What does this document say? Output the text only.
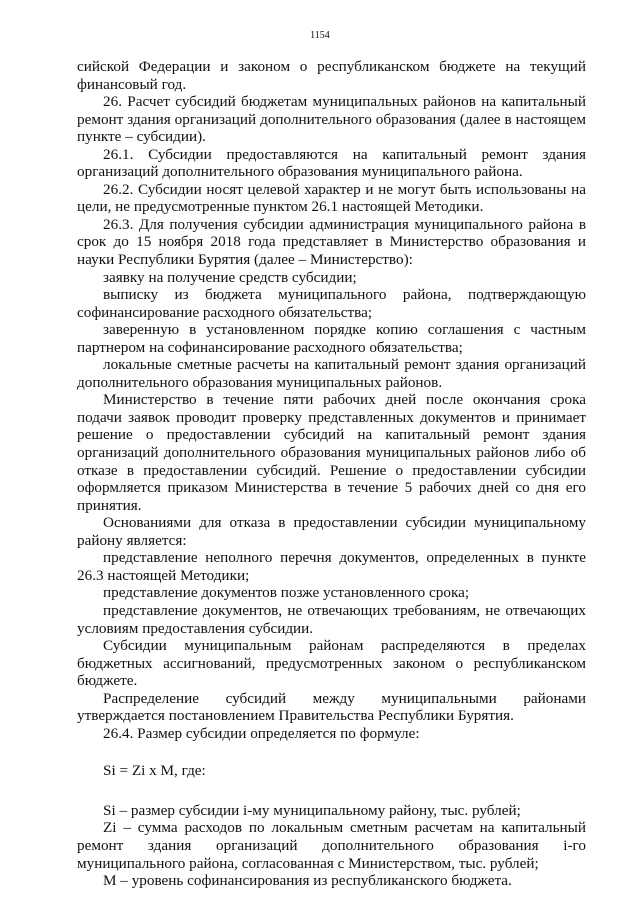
1154

сийской Федерации и законом о республиканском бюджете на текущий финансовый год.

26. Расчет субсидий бюджетам муниципальных районов на капитальный ремонт здания организаций дополнительного образования (далее в настоящем пункте – субсидии).

26.1. Субсидии предоставляются на капитальный ремонт здания организаций дополнительного образования муниципального района.

26.2. Субсидии носят целевой характер и не могут быть использованы на цели, не предусмотренные пунктом 26.1 настоящей Методики.

26.3. Для получения субсидии администрация муниципального района в срок до 15 ноября 2018 года представляет в Министерство образования и науки Республики Бурятия (далее – Министерство):

заявку на получение средств субсидии;

выписку из бюджета муниципального района, подтверждающую софинансирование расходного обязательства;

заверенную в установленном порядке копию соглашения с частным партнером на софинансирование расходного обязательства;

локальные сметные расчеты на капитальный ремонт здания организаций дополнительного образования муниципальных районов.

Министерство в течение пяти рабочих дней после окончания срока подачи заявок проводит проверку представленных документов и принимает решение о предоставлении субсидий на капитальный ремонт здания организаций дополнительного образования муниципальных районов либо об отказе в предоставлении субсидий. Решение о предоставлении субсидии оформляется приказом Министерства в течение 5 рабочих дней со дня его принятия.

Основаниями для отказа в предоставлении субсидии муниципальному району является:

представление неполного перечня документов, определенных в пункте 26.3 настоящей Методики;

представление документов позже установленного срока;

представление документов, не отвечающих требованиям, не отвечающих условиям предоставления субсидии.

Субсидии муниципальным районам распределяются в пределах бюджетных ассигнований, предусмотренных законом о республиканском бюджете.

Распределение субсидий между муниципальными районами утверждается постановлением Правительства Республики Бурятия.

26.4. Размер субсидии определяется по формуле:

Si = Zi x M, где:

Si – размер субсидии i-му муниципальному району, тыс. рублей;

Zi – сумма расходов по локальным сметным расчетам на капитальный ремонт здания организаций дополнительного образования i-го муниципального района, согласованная с Министерством, тыс. рублей;

М – уровень софинансирования из республиканского бюджета.
